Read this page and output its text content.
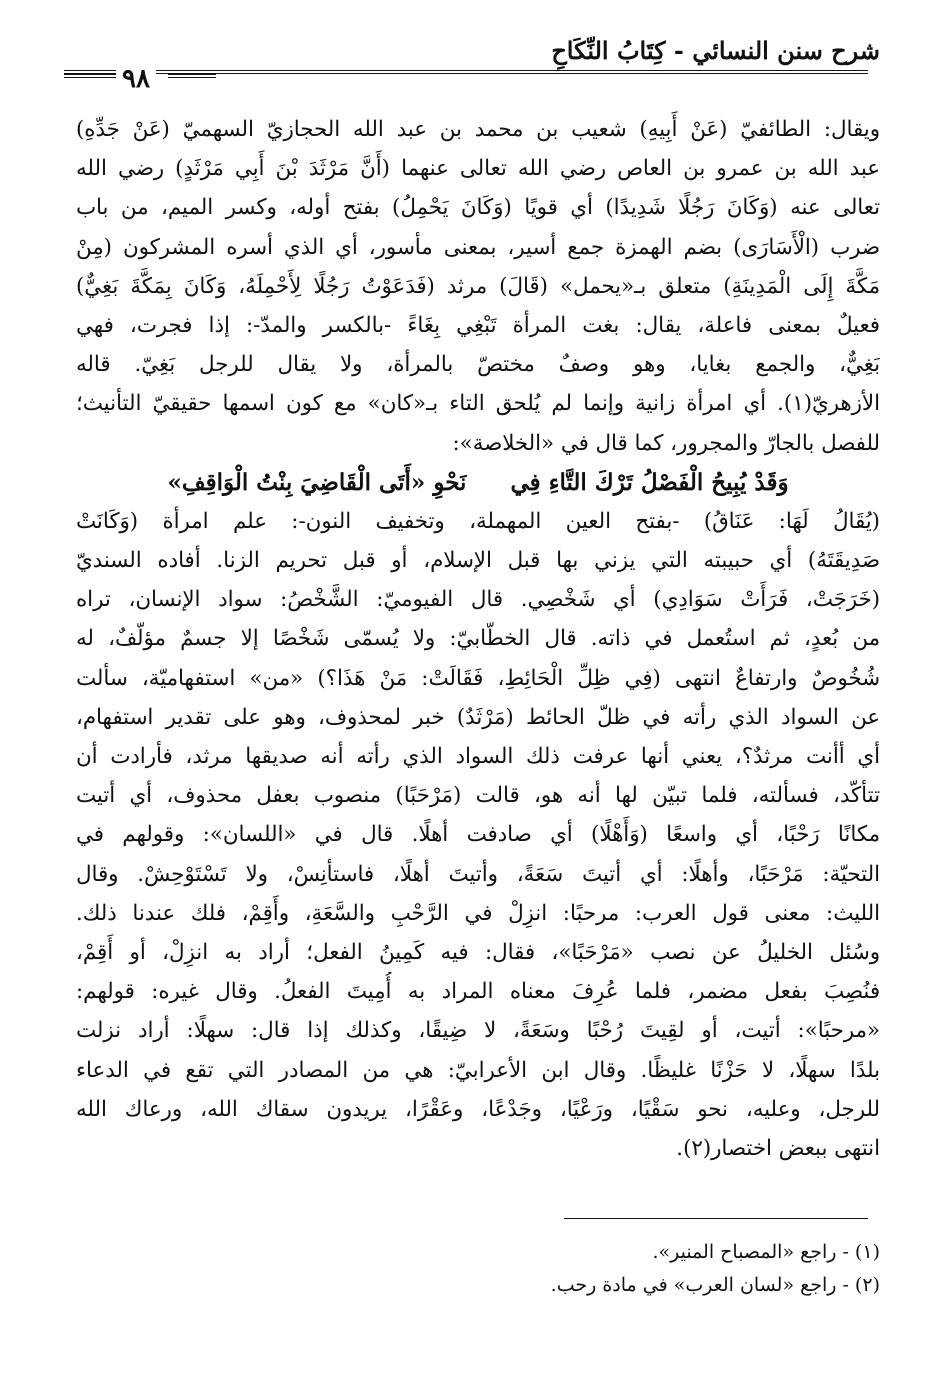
شرح سنن النسائي - كِتَابُ النِّكَاحِ
٩٨
ويقال: الطائفيّ (عَنْ أَبِيهِ) شعيب بن محمد بن عبد الله الحجازيّ السهميّ (عَنْ جَدِّهِ)
عبد الله بن عمرو بن العاص رضي الله تعالى عنهما (أَنَّ مَرْثَدَ بْنَ أَبِي مَرْثَدٍ) رضي الله
تعالى عنه (وَكَانَ رَجُلًا شَدِيدًا) أي قويًا (وَكَانَ يَحْمِلُ) بفتح أوله، وكسر الميم، من باب
ضرب (الْأَسَارَى) بضم الهمزة جمع أسير، بمعنى مأسور، أي الذي أسره المشركون (مِنْ
مَكَّةَ إِلَى الْمَدِينَةِ) متعلق بـ«يحمل» (قَالَ) مرثد (فَدَعَوْتُ رَجُلًا لِأَحْمِلَهُ، وَكَانَ بِمَكَّةَ بَغِيٌّ)
فعيلٌ بمعنى فاعلة، يقال: بغت المرأة تَبْغِي بِغَاءً -بالكسر والمدّ-: إذا فجرت، فهي
بَغِيٌّ، والجمع بغايا، وهو وصفٌ مختصّ بالمرأة، ولا يقال للرجل بَغِيّ. قاله
الأزهريّ(١). أي امرأة زانية وإنما لم يُلحق التاء بـ«كان» مع كون اسمها حقيقيّ التأنيث؛
للفصل بالجارّ والمجرور، كما قال في «الخلاصة»:
وَقَدْ يُبِيحُ الْفَصْلُ تَرْكَ التَّاءِ فِي
نَحْوِ «أَتَى الْقَاضِيَ بِنْتُ الْوَاقِفِ»
(يُقَالُ لَهَا: عَنَاقُ) -بفتح العين المهملة، وتخفيف النون-: علم امرأة (وَكَانَتْ
صَدِيقَتَهُ) أي حبيبته التي يزني بها قبل الإسلام، أو قبل تحريم الزنا. أفاده السنديّ
(خَرَجَتْ، فَرَأَتْ سَوَادِي) أي شَخْصِي. قال الفيوميّ: الشَّخْصُ: سواد الإنسان، تراه
من بُعدٍ، ثم استُعمل في ذاته. قال الخطّابيّ: ولا يُسمّى شَخْصًا إلا جسمٌ مؤلّفٌ، له
شُخُوصٌ وارتفاعٌ انتهى (فِي ظِلِّ الْحَائِطِ، فَقَالَتْ: مَنْ هَذَا؟) «من» استفهاميّة، سألت
عن السواد الذي رأته في ظلّ الحائط (مَرْثَدٌ) خبر لمحذوف، وهو على تقدير استفهام،
أي أأنت مرثدٌ؟، يعني أنها عرفت ذلك السواد الذي رأته أنه صديقها مرثد، فأرادت أن
تتأكّد، فسألته، فلما تبيّن لها أنه هو، قالت (مَرْحَبًا) منصوب بعفل محذوف، أي أتيت
مكانًا رَحْبًا، أي واسعًا (وَأَهْلًا) أي صادفت أهلًا. قال في «اللسان»: وقولهم في
التحيّة: مَرْحَبًا، وأهلًا: أي أتيتَ سَعَةً، وأتيتَ أهلًا، فاستأنِسْ، ولا تَسْتَوْحِشْ. وقال
الليث: معنى قول العرب: مرحبًا: انزِلْ في الرَّحْبِ والسَّعَةِ، وأَقِمْ، فلك عندنا ذلك.
وسُئل الخليلُ عن نصب «مَرْحَبًا»، فقال: فيه كَمِينُ الفعل؛ أراد به انزِلْ، أو أَقِمْ،
فنُصِبَ بفعل مضمر، فلما عُرِفَ معناه المراد به أُمِيتَ الفعلُ. وقال غيره: قولهم:
«مرحبًا»: أتيت، أو لقِيتَ رُحْبًا وسَعَةً، لا ضِيقًا، وكذلك إذا قال: سهلًا: أراد نزلت
بلدًا سهلًا، لا حَزْنًا غليظًا. وقال ابن الأعرابيّ: هي من المصادر التي تقع في الدعاء
للرجل، وعليه، نحو سَقْيًا، ورَعْيًا، وجَدْعًا، وعَقْرًا، يريدون سقاك الله، ورعاك الله
انتهى ببعض اختصار(٢).
(١) - راجع «المصباح المنير».
(٢) - راجع «لسان العرب» في مادة رحب.
